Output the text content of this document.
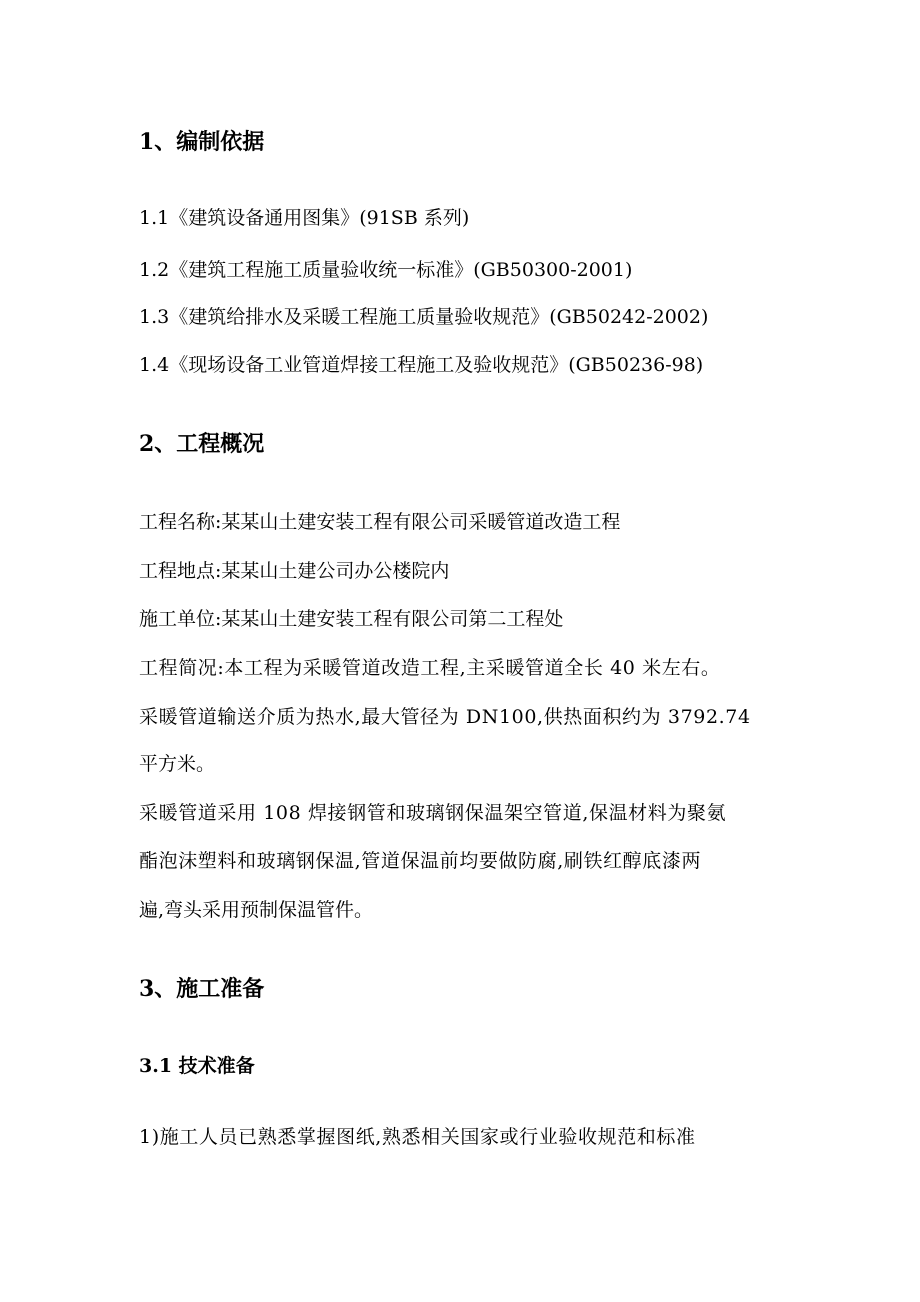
1、编制依据
1.1《建筑设备通用图集》(91SB 系列)
1.2《建筑工程施工质量验收统一标准》(GB50300-2001)
1.3《建筑给排水及采暖工程施工质量验收规范》(GB50242-2002)
1.4《现场设备工业管道焊接工程施工及验收规范》(GB50236-98)
2、工程概况
工程名称:某某山土建安装工程有限公司采暖管道改造工程
工程地点:某某山土建公司办公楼院内
施工单位:某某山土建安装工程有限公司第二工程处
工程简况:本工程为采暖管道改造工程,主采暖管道全长 40 米左右。
采暖管道输送介质为热水,最大管径为 DN100,供热面积约为 3792.74
平方米。
采暖管道采用 108 焊接钢管和玻璃钢保温架空管道,保温材料为聚氨
酯泡沫塑料和玻璃钢保温,管道保温前均要做防腐,刷铁红醇底漆两
遍,弯头采用预制保温管件。
3、施工准备
3.1 技术准备
1)施工人员已熟悉掌握图纸,熟悉相关国家或行业验收规范和标准
